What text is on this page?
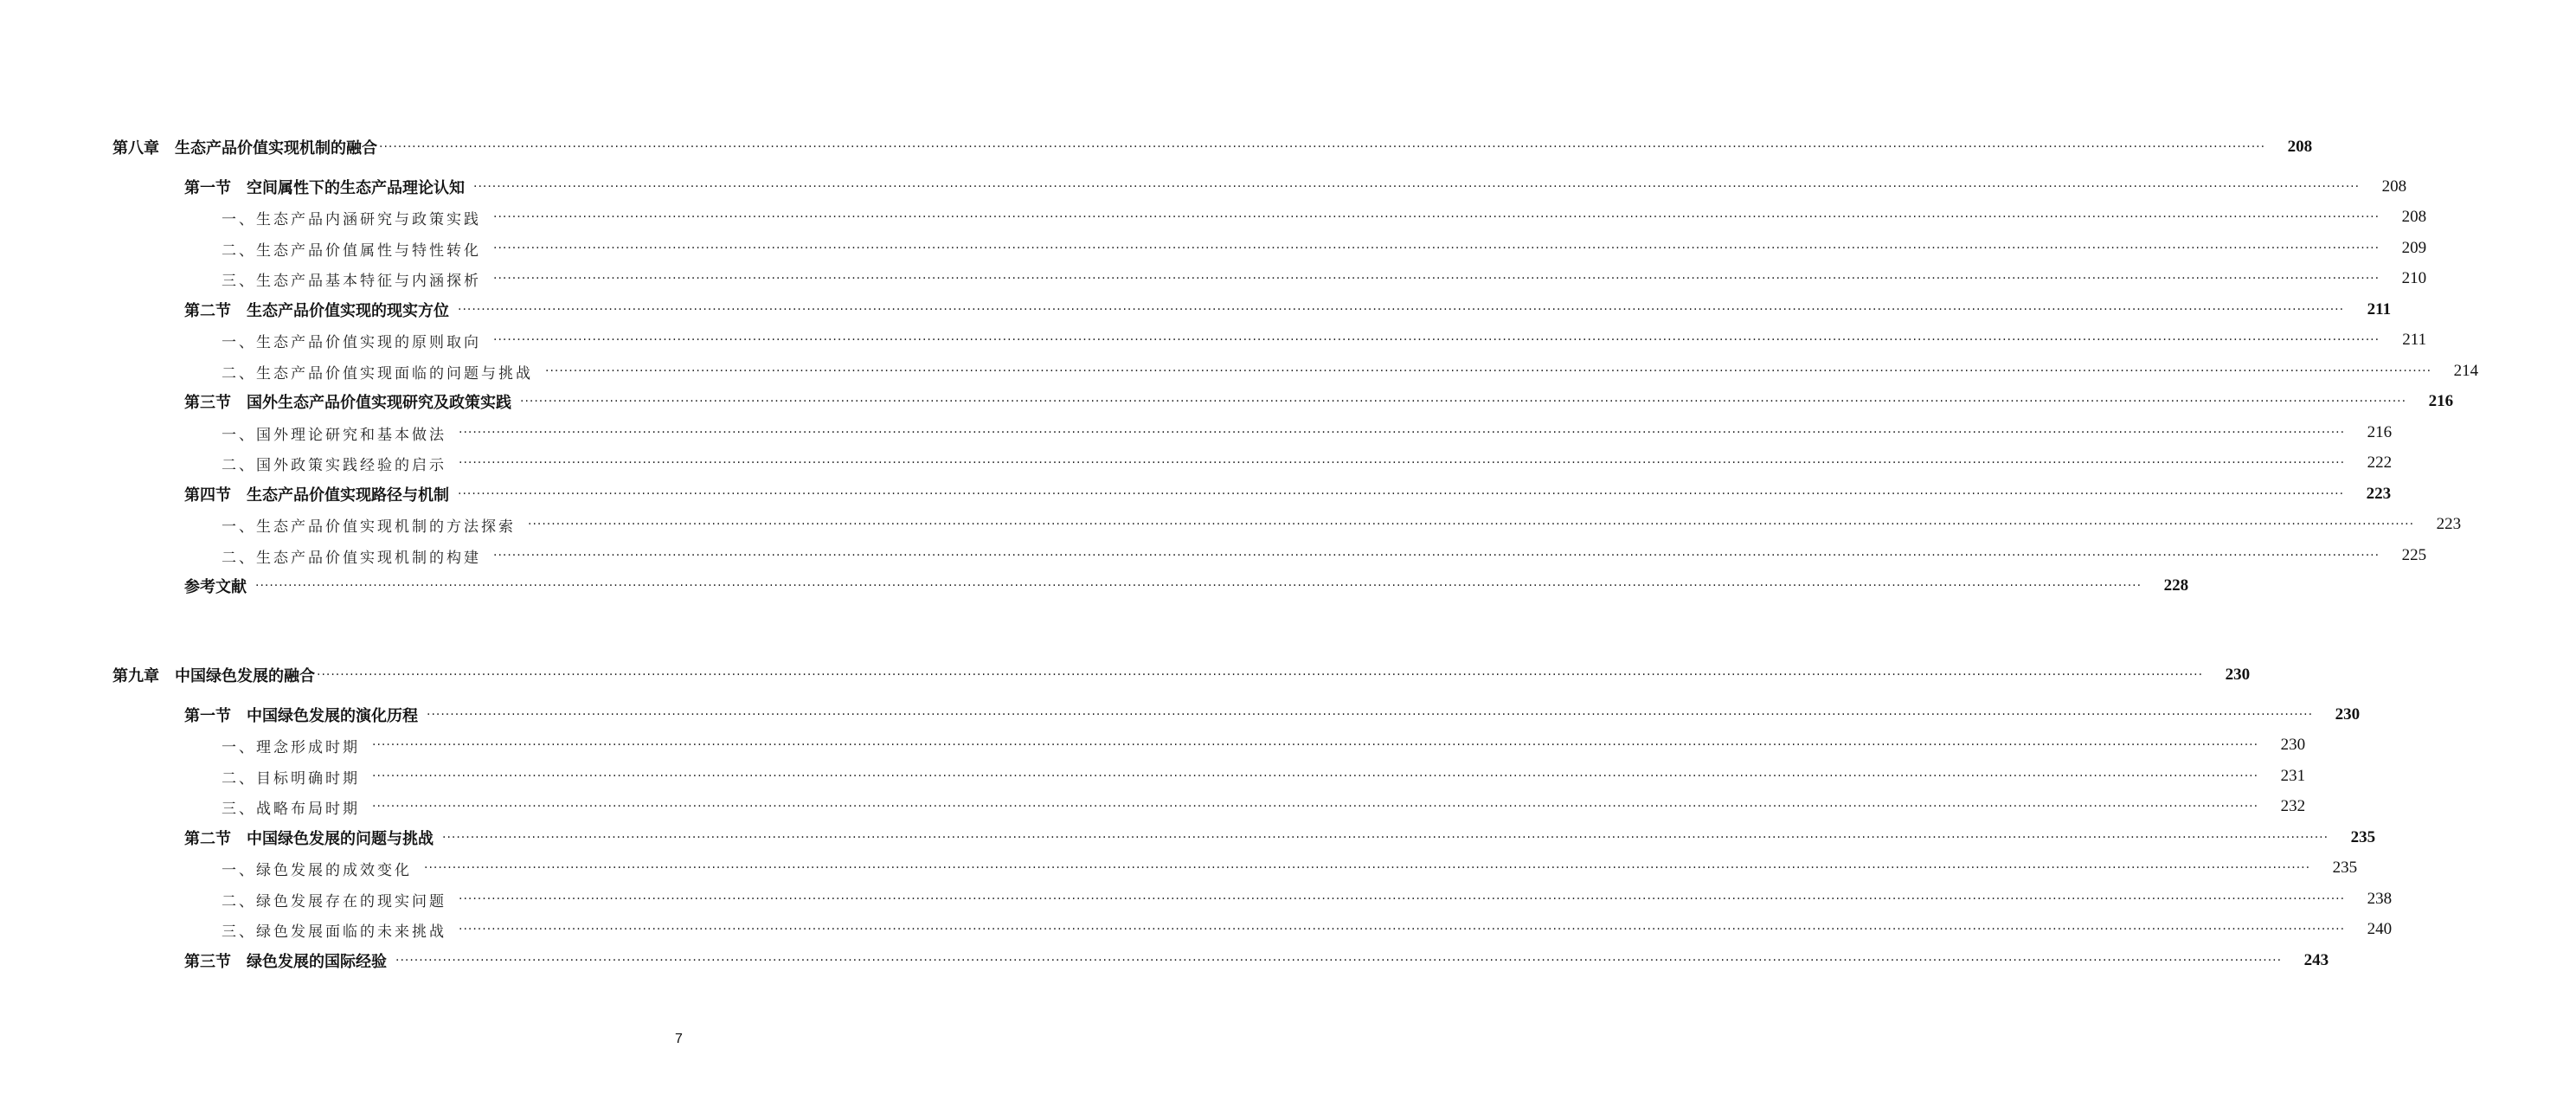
第八章　生态产品价值实现机制的融合 ················································································································································································································································································································································································································	208
第一节　空间属性下的生态产品理论认知 ················································································································································································································································································································································································································	208
一、生态产品内涵研究与政策实践 ················································································································································································································································································································································································································	208
二、生态产品价值属性与特性转化 ················································································································································································································································································································································································································	209
三、生态产品基本特征与内涵探析 ················································································································································································································································································································································································································	210
第二节　生态产品价值实现的现实方位 ················································································································································································································································································································································································································	211
一、生态产品价值实现的原则取向 ················································································································································································································································································································································································································	211
二、生态产品价值实现面临的问题与挑战 ················································································································································································································································································································································································································	214
第三节　国外生态产品价值实现研究及政策实践 ················································································································································································································································································································································································································	216
一、国外理论研究和基本做法 ················································································································································································································································································································································································································	216
二、国外政策实践经验的启示 ················································································································································································································································································································································································································	222
第四节　生态产品价值实现路径与机制 ················································································································································································································································································································································································································	223
一、生态产品价值实现机制的方法探索 ················································································································································································································································································································································································································	223
二、生态产品价值实现机制的构建 ················································································································································································································································································································································································································	225
参考文献 ················································································································································································································································································································································································································	228
第九章　中国绿色发展的融合 ················································································································································································································································································································································································································	230
第一节　中国绿色发展的演化历程 ················································································································································································································································································································································································································	230
一、理念形成时期 ················································································································································································································································································································································································································	230
二、目标明确时期 ················································································································································································································································································································································································································	231
三、战略布局时期 ················································································································································································································································································································································································································	232
第二节　中国绿色发展的问题与挑战 ················································································································································································································································································································································································································	235
一、绿色发展的成效变化 ················································································································································································································································································································································································································	235
二、绿色发展存在的现实问题 ················································································································································································································································································································································································································	238
三、绿色发展面临的未来挑战 ················································································································································································································································································································································································································	240
第三节　绿色发展的国际经验 ················································································································································································································································································································································································································	243
7
